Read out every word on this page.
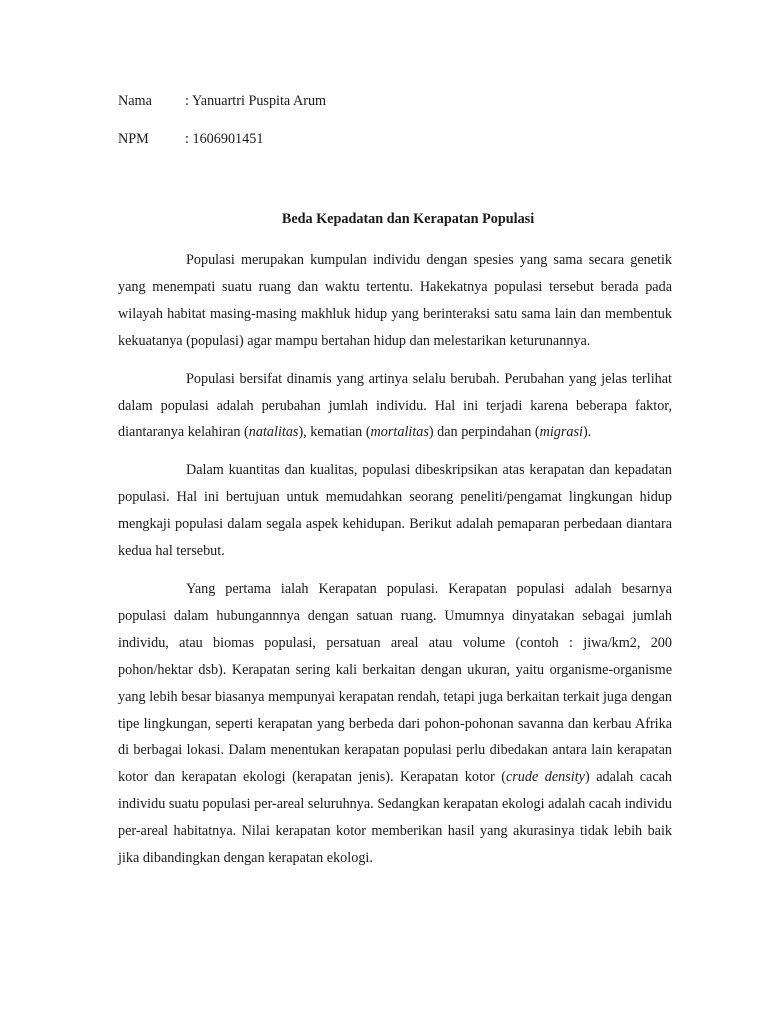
Nama	: Yanuartri Puspita Arum
NPM	: 1606901451
Beda Kepadatan dan Kerapatan Populasi

Populasi merupakan kumpulan individu dengan spesies yang sama secara genetik yang menempati suatu ruang dan waktu tertentu. Hakekatnya populasi tersebut berada pada wilayah habitat masing-masing makhluk hidup yang berinteraksi satu sama lain dan membentuk kekuatanya (populasi) agar mampu bertahan hidup dan melestarikan keturunannya.

Populasi bersifat dinamis yang artinya selalu berubah. Perubahan yang jelas terlihat dalam populasi adalah perubahan jumlah individu. Hal ini terjadi karena beberapa faktor, diantaranya kelahiran (natalitas), kematian (mortalitas) dan perpindahan (migrasi).

Dalam kuantitas dan kualitas, populasi dibeskripsikan atas kerapatan dan kepadatan populasi. Hal ini bertujuan untuk memudahkan seorang peneliti/pengamat lingkungan hidup mengkaji populasi dalam segala aspek kehidupan. Berikut adalah pemaparan perbedaan diantara kedua hal tersebut.

Yang pertama ialah Kerapatan populasi. Kerapatan populasi adalah besarnya populasi dalam hubungannnya dengan satuan ruang. Umumnya dinyatakan sebagai jumlah individu, atau biomas populasi, persatuan areal atau volume (contoh : jiwa/km2, 200 pohon/hektar dsb). Kerapatan sering kali berkaitan dengan ukuran, yaitu organisme-organisme yang lebih besar biasanya mempunyai kerapatan rendah, tetapi juga berkaitan terkait juga dengan tipe lingkungan, seperti kerapatan yang berbeda dari pohon-pohonan savanna dan kerbau Afrika di berbagai lokasi. Dalam menentukan kerapatan populasi perlu dibedakan antara lain kerapatan kotor dan kerapatan ekologi (kerapatan jenis). Kerapatan kotor (crude density) adalah cacah individu suatu populasi per-areal seluruhnya. Sedangkan kerapatan ekologi adalah cacah individu per-areal habitatnya. Nilai kerapatan kotor memberikan hasil yang akurasinya tidak lebih baik jika dibandingkan dengan kerapatan ekologi.
